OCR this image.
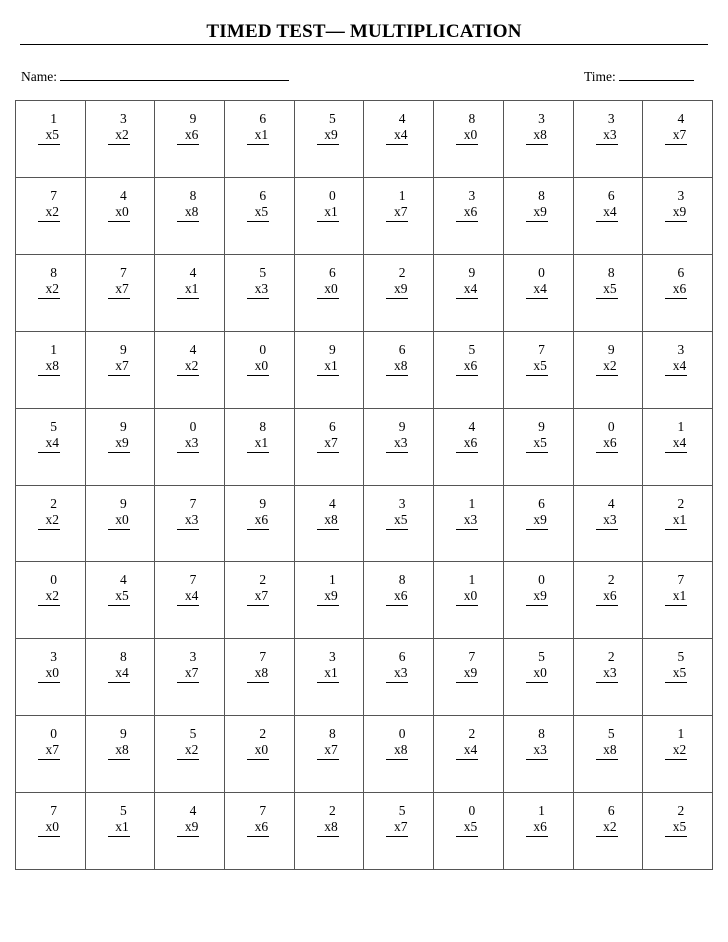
TIMED TEST— MULTIPLICATION
Name:	Time:
1
x5
3
x2
9
x6
6
x1
5
x9
4
x4
8
x0
3
x8
3
x3
4
x7
7
x2
4
x0
8
x8
6
x5
0
x1
1
x7
3
x6
8
x9
6
x4
3
x9
8
x2
7
x7
4
x1
5
x3
6
x0
2
x9
9
x4
0
x4
8
x5
6
x6
1
x8
9
x7
4
x2
0
x0
9
x1
6
x8
5
x6
7
x5
9
x2
3
x4
5
x4
9
x9
0
x3
8
x1
6
x7
9
x3
4
x6
9
x5
0
x6
1
x4
2
x2
9
x0
7
x3
9
x6
4
x8
3
x5
1
x3
6
x9
4
x3
2
x1
0
x2
4
x5
7
x4
2
x7
1
x9
8
x6
1
x0
0
x9
2
x6
7
x1
3
x0
8
x4
3
x7
7
x8
3
x1
6
x3
7
x9
5
x0
2
x3
5
x5
0
x7
9
x8
5
x2
2
x0
8
x7
0
x8
2
x4
8
x3
5
x8
1
x2
7
x0
5
x1
4
x9
7
x6
2
x8
5
x7
0
x5
1
x6
6
x2
2
x5
